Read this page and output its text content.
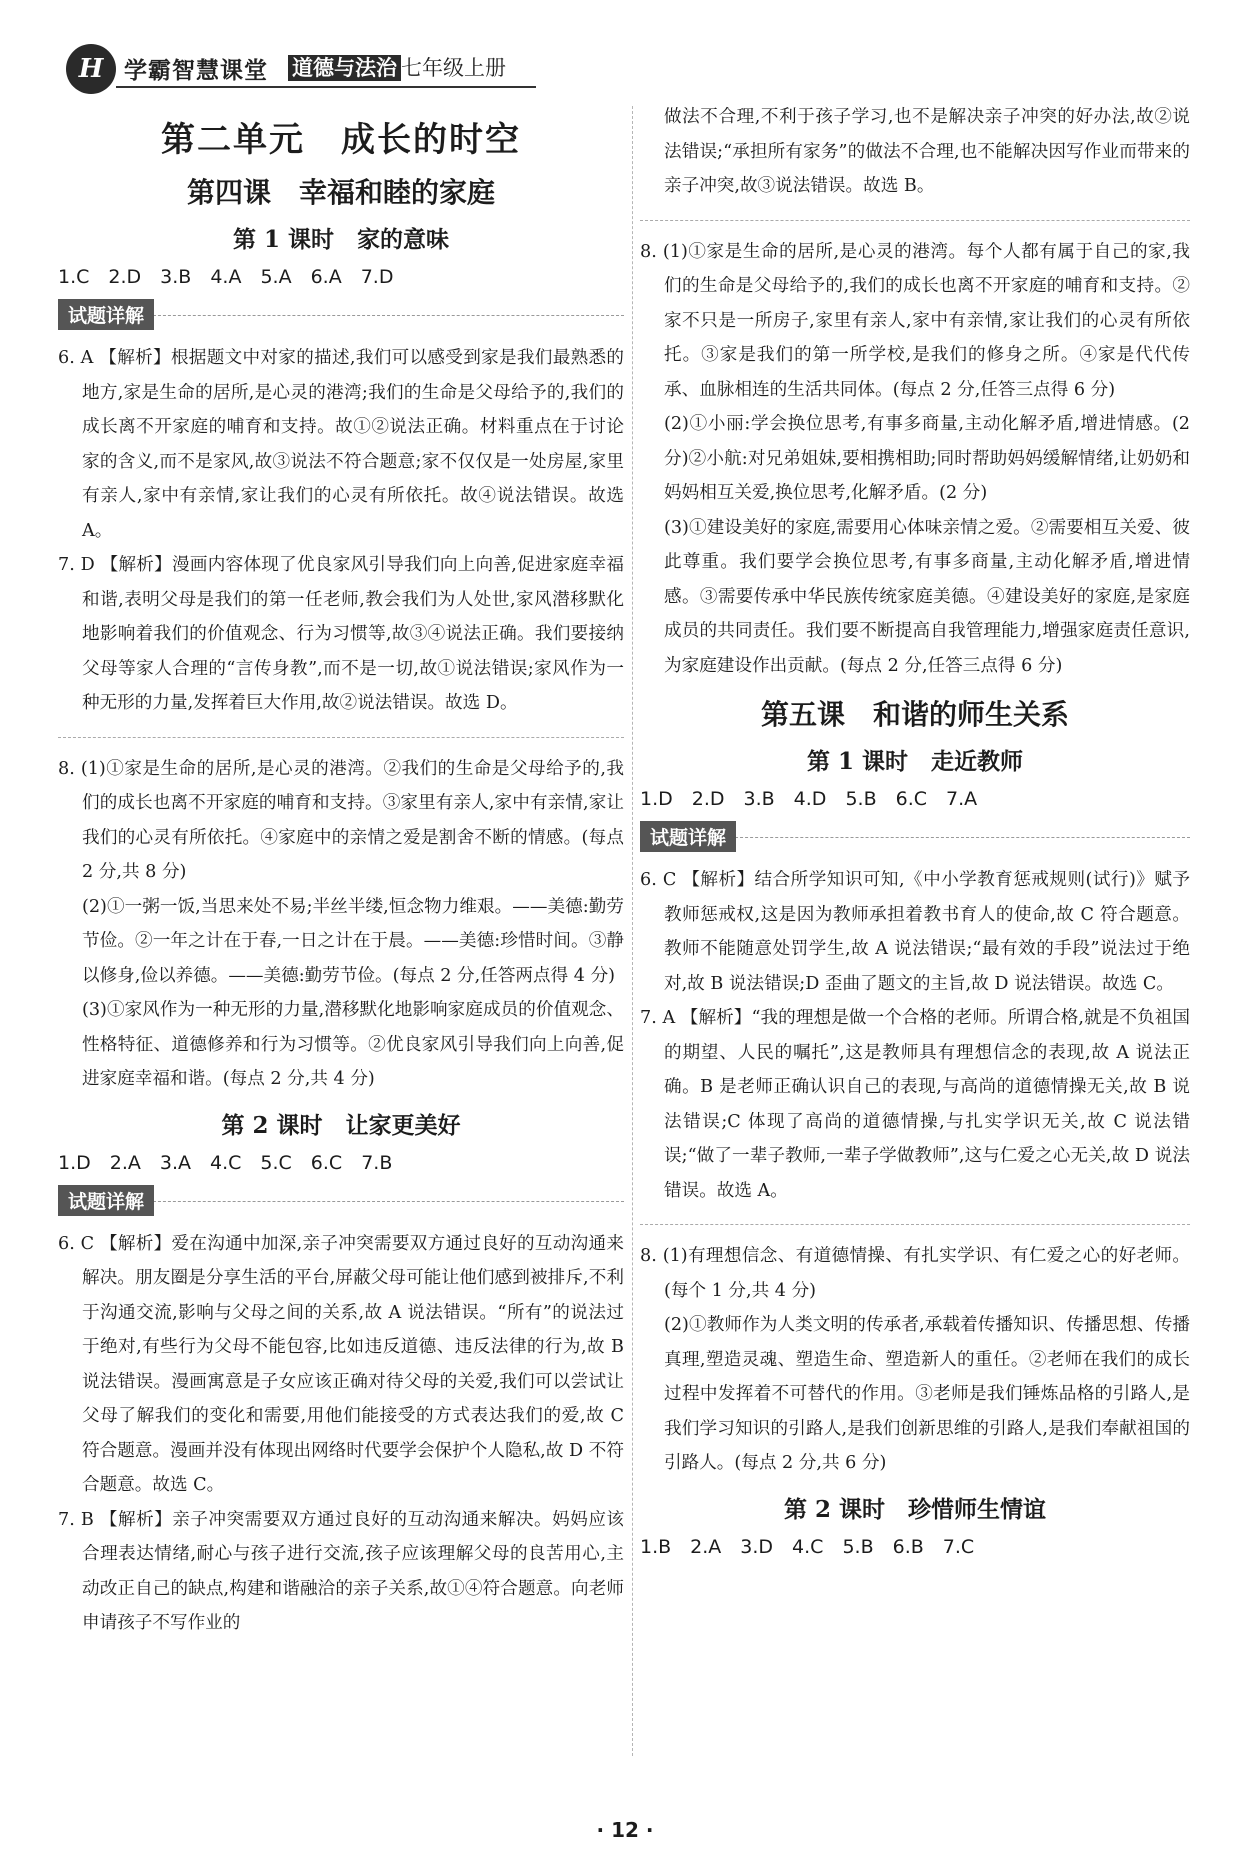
H 学霸智慧课堂 道德与法治 七年级上册
第二单元　成长的时空
第四课　幸福和睦的家庭
第 1 课时　家的意味
1.C　2.D　3.B　4.A　5.A　6.A　7.D
试题详解

6. A 【解析】根据题文中对家的描述,我们可以感受到家是我们最熟悉的地方,家是生命的居所,是心灵的港湾;我们的生命是父母给予的,我们的成长离不开家庭的哺育和支持。故①②说法正确。材料重点在于讨论家的含义,而不是家风,故③说法不符合题意;家不仅仅是一处房屋,家里有亲人,家中有亲情,家让我们的心灵有所依托。故④说法错误。故选 A。

7. D 【解析】漫画内容体现了优良家风引导我们向上向善,促进家庭幸福和谐,表明父母是我们的第一任老师,教会我们为人处世,家风潜移默化地影响着我们的价值观念、行为习惯等,故③④说法正确。我们要接纳父母等家人合理的“言传身教”,而不是一切,故①说法错误;家风作为一种无形的力量,发挥着巨大作用,故②说法错误。故选 D。

8. (1)①家是生命的居所,是心灵的港湾。②我们的生命是父母给予的,我们的成长也离不开家庭的哺育和支持。③家里有亲人,家中有亲情,家让我们的心灵有所依托。④家庭中的亲情之爱是割舍不断的情感。(每点 2 分,共 8 分)

(2)①一粥一饭,当思来处不易;半丝半缕,恒念物力维艰。——美德:勤劳节俭。②一年之计在于春,一日之计在于晨。——美德:珍惜时间。③静以修身,俭以养德。——美德:勤劳节俭。(每点 2 分,任答两点得 4 分)

(3)①家风作为一种无形的力量,潜移默化地影响家庭成员的价值观念、性格特征、道德修养和行为习惯等。②优良家风引导我们向上向善,促进家庭幸福和谐。(每点 2 分,共 4 分)

第 2 课时　让家更美好
1.D　2.A　3.A　4.C　5.C　6.C　7.B
试题详解

6. C 【解析】爱在沟通中加深,亲子冲突需要双方通过良好的互动沟通来解决。朋友圈是分享生活的平台,屏蔽父母可能让他们感到被排斥,不利于沟通交流,影响与父母之间的关系,故 A 说法错误。“所有”的说法过于绝对,有些行为父母不能包容,比如违反道德、违反法律的行为,故 B 说法错误。漫画寓意是子女应该正确对待父母的关爱,我们可以尝试让父母了解我们的变化和需要,用他们能接受的方式表达我们的爱,故 C 符合题意。漫画并没有体现出网络时代要学会保护个人隐私,故 D 不符合题意。故选 C。

7. B 【解析】亲子冲突需要双方通过良好的互动沟通来解决。妈妈应该合理表达情绪,耐心与孩子进行交流,孩子应该理解父母的良苦用心,主动改正自己的缺点,构建和谐融洽的亲子关系,故①④符合题意。向老师申请孩子不写作业的

做法不合理,不利于孩子学习,也不是解决亲子冲突的好办法,故②说法错误;“承担所有家务”的做法不合理,也不能解决因写作业而带来的亲子冲突,故③说法错误。故选 B。

8. (1)①家是生命的居所,是心灵的港湾。每个人都有属于自己的家,我们的生命是父母给予的,我们的成长也离不开家庭的哺育和支持。②家不只是一所房子,家里有亲人,家中有亲情,家让我们的心灵有所依托。③家是我们的第一所学校,是我们的修身之所。④家是代代传承、血脉相连的生活共同体。(每点 2 分,任答三点得 6 分)

(2)①小丽:学会换位思考,有事多商量,主动化解矛盾,增进情感。(2 分)②小航:对兄弟姐妹,要相携相助;同时帮助妈妈缓解情绪,让奶奶和妈妈相互关爱,换位思考,化解矛盾。(2 分)

(3)①建设美好的家庭,需要用心体味亲情之爱。②需要相互关爱、彼此尊重。我们要学会换位思考,有事多商量,主动化解矛盾,增进情感。③需要传承中华民族传统家庭美德。④建设美好的家庭,是家庭成员的共同责任。我们要不断提高自我管理能力,增强家庭责任意识,为家庭建设作出贡献。(每点 2 分,任答三点得 6 分)

第五课　和谐的师生关系
第 1 课时　走近教师
1.D　2.D　3.B　4.D　5.B　6.C　7.A
试题详解

6. C 【解析】结合所学知识可知,《中小学教育惩戒规则(试行)》赋予教师惩戒权,这是因为教师承担着教书育人的使命,故 C 符合题意。教师不能随意处罚学生,故 A 说法错误;“最有效的手段”说法过于绝对,故 B 说法错误;D 歪曲了题文的主旨,故 D 说法错误。故选 C。

7. A 【解析】“我的理想是做一个合格的老师。所谓合格,就是不负祖国的期望、人民的嘱托”,这是教师具有理想信念的表现,故 A 说法正确。B 是老师正确认识自己的表现,与高尚的道德情操无关,故 B 说法错误;C 体现了高尚的道德情操,与扎实学识无关,故 C 说法错误;“做了一辈子教师,一辈子学做教师”,这与仁爱之心无关,故 D 说法错误。故选 A。

8. (1)有理想信念、有道德情操、有扎实学识、有仁爱之心的好老师。(每个 1 分,共 4 分)

(2)①教师作为人类文明的传承者,承载着传播知识、传播思想、传播真理,塑造灵魂、塑造生命、塑造新人的重任。②老师在我们的成长过程中发挥着不可替代的作用。③老师是我们锤炼品格的引路人,是我们学习知识的引路人,是我们创新思维的引路人,是我们奉献祖国的引路人。(每点 2 分,共 6 分)

第 2 课时　珍惜师生情谊
1.B　2.A　3.D　4.C　5.B　6.B　7.C
· 12 ·
